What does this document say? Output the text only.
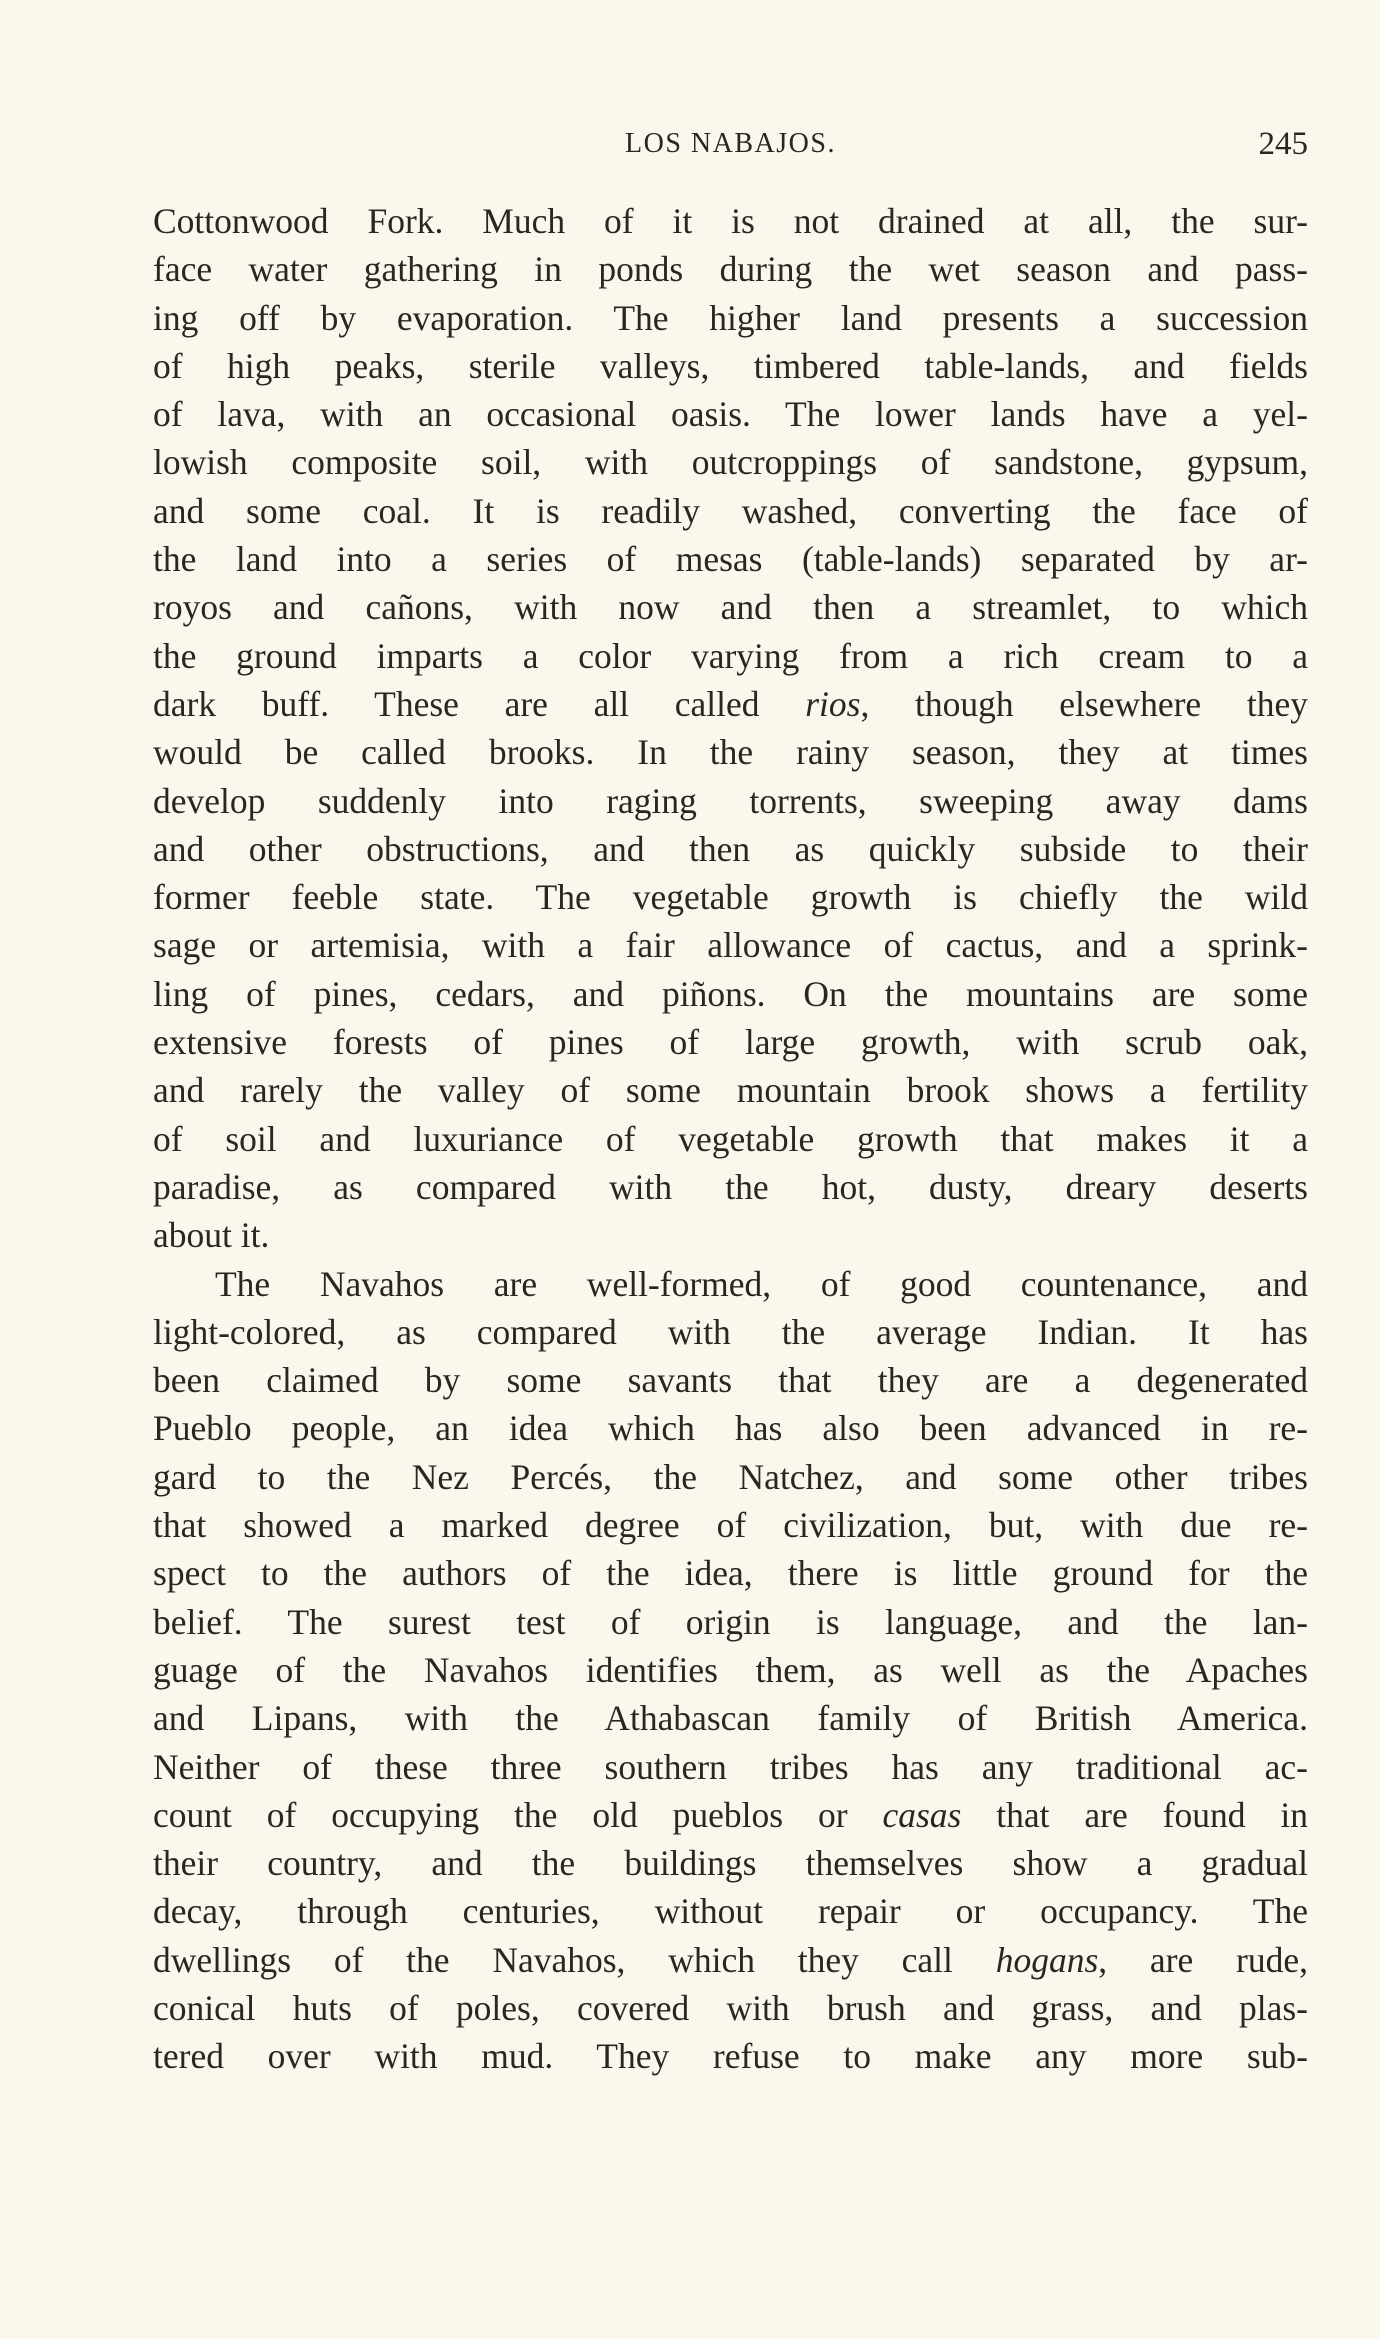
LOS NABAJOS.	245
Cottonwood Fork. Much of it is not drained at all, the sur-
face water gathering in ponds during the wet season and pass-
ing off by evaporation. The higher land presents a succession
of high peaks, sterile valleys, timbered table-lands, and fields
of lava, with an occasional oasis. The lower lands have a yel-
lowish composite soil, with outcroppings of sandstone, gypsum,
and some coal. It is readily washed, converting the face of
the land into a series of mesas (table-lands) separated by ar-
royos and cañons, with now and then a streamlet, to which
the ground imparts a color varying from a rich cream to a
dark buff. These are all called rios, though elsewhere they
would be called brooks. In the rainy season, they at times
develop suddenly into raging torrents, sweeping away dams
and other obstructions, and then as quickly subside to their
former feeble state. The vegetable growth is chiefly the wild
sage or artemisia, with a fair allowance of cactus, and a sprink-
ling of pines, cedars, and piñons. On the mountains are some
extensive forests of pines of large growth, with scrub oak,
and rarely the valley of some mountain brook shows a fertility
of soil and luxuriance of vegetable growth that makes it a
paradise, as compared with the hot, dusty, dreary deserts
about it.
The Navahos are well-formed, of good countenance, and
light-colored, as compared with the average Indian. It has
been claimed by some savants that they are a degenerated
Pueblo people, an idea which has also been advanced in re-
gard to the Nez Percés, the Natchez, and some other tribes
that showed a marked degree of civilization, but, with due re-
spect to the authors of the idea, there is little ground for the
belief. The surest test of origin is language, and the lan-
guage of the Navahos identifies them, as well as the Apaches
and Lipans, with the Athabascan family of British America.
Neither of these three southern tribes has any traditional ac-
count of occupying the old pueblos or casas that are found in
their country, and the buildings themselves show a gradual
decay, through centuries, without repair or occupancy. The
dwellings of the Navahos, which they call hogans, are rude,
conical huts of poles, covered with brush and grass, and plas-
tered over with mud. They refuse to make any more sub-
